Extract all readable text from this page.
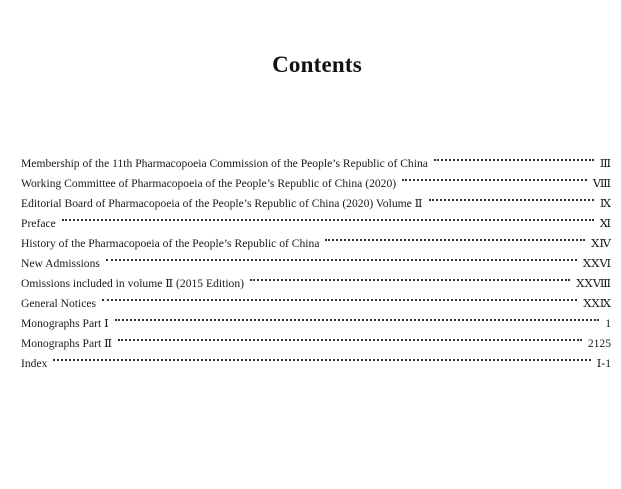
Contents
Membership of the 11th Pharmacopoeia Commission of the People’s Republic of China	Ⅲ
Working Committee of Pharmacopoeia of the People’s Republic of China (2020)	Ⅷ
Editorial Board of Pharmacopoeia of the People’s Republic of China (2020) Volume Ⅱ	Ⅸ
Preface	Ⅺ
History of the Pharmacopoeia of the People’s Republic of China	ⅩⅣ
New Admissions	ⅩⅩⅥ
Omissions included in volume Ⅱ (2015 Edition)	ⅩⅩⅧ
General Notices	ⅩⅩⅨ
Monographs Part Ⅰ	1
Monographs Part Ⅱ	2125
Index	Ⅰ-1
